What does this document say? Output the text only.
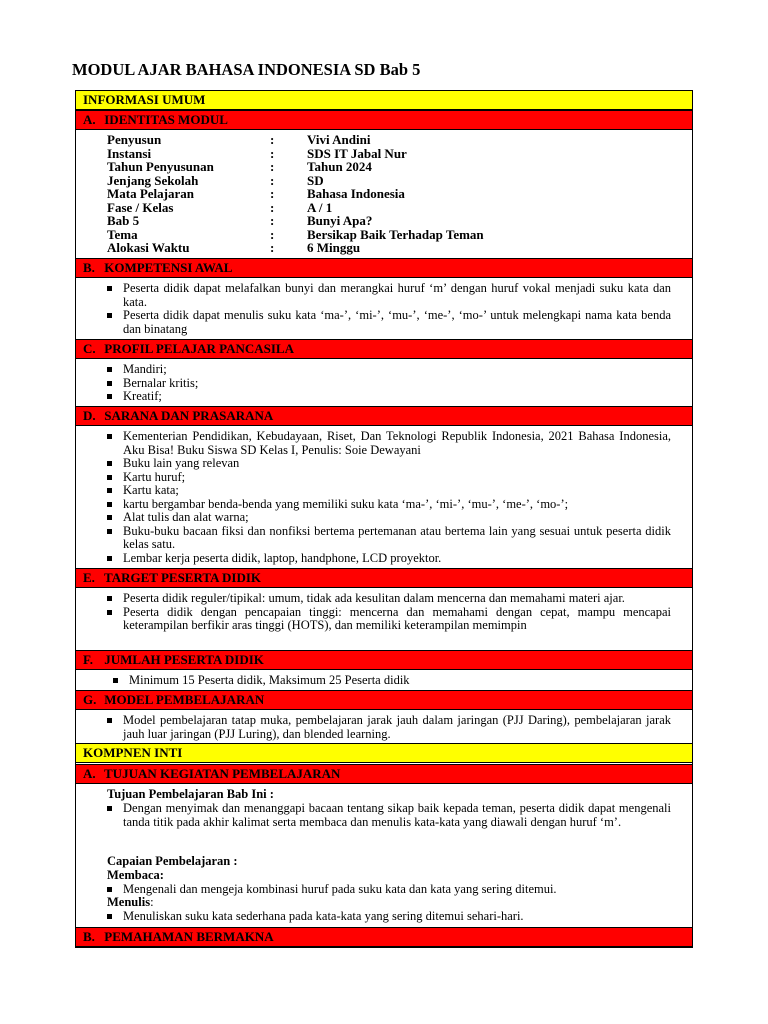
MODUL AJAR BAHASA INDONESIA SD Bab 5
INFORMASI UMUM
A. IDENTITAS MODUL
Penyusun	:	Vivi Andini
Instansi	:	SDS IT Jabal Nur
Tahun Penyusunan	:	Tahun 2024
Jenjang Sekolah	:	SD
Mata Pelajaran	:	Bahasa Indonesia
Fase / Kelas	:	A / 1
Bab 5	:	Bunyi Apa?
Tema	:	Bersikap Baik Terhadap Teman
Alokasi Waktu	:	6 Minggu
B. KOMPETENSI AWAL
Peserta didik dapat melafalkan bunyi dan merangkai huruf ‘m’ dengan huruf vokal menjadi suku kata dan kata.
Peserta didik dapat menulis suku kata ‘ma-’, ‘mi-’, ‘mu-’, ‘me-’, ‘mo-’ untuk melengkapi nama kata benda dan binatang
C. PROFIL PELAJAR PANCASILA
Mandiri;
Bernalar kritis;
Kreatif;
D. SARANA DAN PRASARANA
Kementerian Pendidikan, Kebudayaan, Riset, Dan Teknologi Republik Indonesia, 2021 Bahasa Indonesia, Aku Bisa! Buku Siswa SD Kelas I, Penulis: Soie Dewayani
Buku lain yang relevan
Kartu huruf;
Kartu kata;
kartu bergambar benda-benda yang memiliki suku kata ‘ma-’, ‘mi-’, ‘mu-’, ‘me-’, ‘mo-’;
Alat tulis dan alat warna;
Buku-buku bacaan fiksi dan nonfiksi bertema pertemanan atau bertema lain yang sesuai untuk peserta didik kelas satu.
Lembar kerja peserta didik, laptop, handphone, LCD proyektor.
E. TARGET PESERTA DIDIK
Peserta didik reguler/tipikal: umum, tidak ada kesulitan dalam mencerna dan memahami materi ajar.
Peserta didik dengan pencapaian tinggi: mencerna dan memahami dengan cepat, mampu mencapai keterampilan berfikir aras tinggi (HOTS), dan memiliki keterampilan memimpin
F. JUMLAH PESERTA DIDIK
Minimum 15 Peserta didik, Maksimum 25 Peserta didik
G. MODEL PEMBELAJARAN
Model pembelajaran tatap muka, pembelajaran jarak jauh dalam jaringan (PJJ Daring), pembelajaran jarak jauh luar jaringan (PJJ Luring), dan blended learning.
KOMPNEN INTI
A. TUJUAN KEGIATAN PEMBELAJARAN
Tujuan Pembelajaran Bab Ini :
Dengan menyimak dan menanggapi bacaan tentang sikap baik kepada teman, peserta didik dapat mengenali tanda titik pada akhir kalimat serta membaca dan menulis kata-kata yang diawali dengan huruf ‘m’.
Capaian Pembelajaran :
Membaca:
Mengenali dan mengeja kombinasi huruf pada suku kata dan kata yang sering ditemui.
Menulis:
Menuliskan suku kata sederhana pada kata-kata yang sering ditemui sehari-hari.
B. PEMAHAMAN BERMAKNA
